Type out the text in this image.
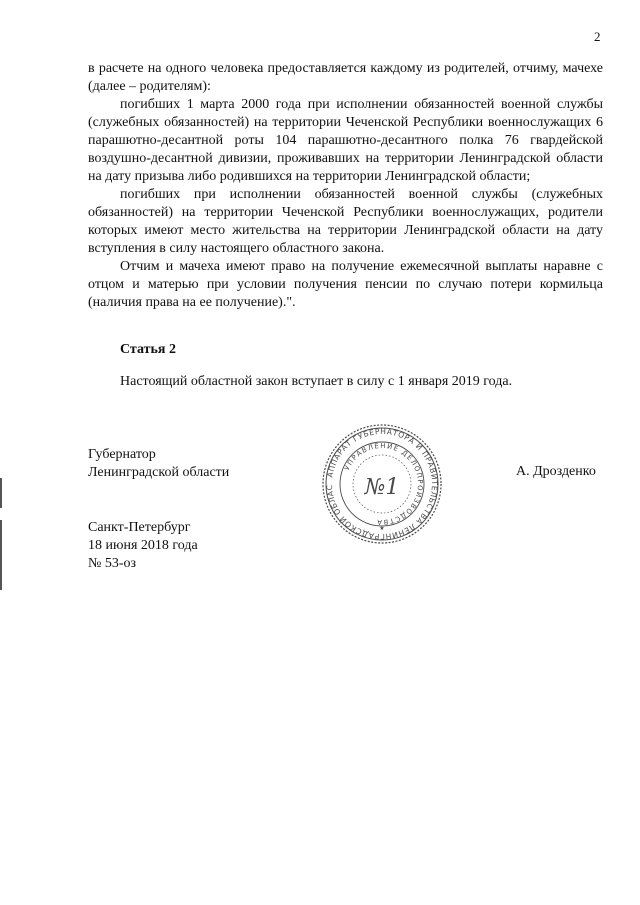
2

в расчете на одного человека предоставляется каждому из родителей, отчиму, мачехе (далее – родителям):

погибших 1 марта 2000 года при исполнении обязанностей военной службы (служебных обязанностей) на территории Чеченской Республики военнослужащих 6 парашютно-десантной роты 104 парашютно-десантного полка 76 гвардейской воздушно-десантной дивизии, проживавших на территории Ленинградской области на дату призыва либо родившихся на территории Ленинградской области;

погибших при исполнении обязанностей военной службы (служебных обязанностей) на территории Чеченской Республики военнослужащих, родители которых имеют место жительства на территории Ленинградской области на дату вступления в силу настоящего областного закона.

Отчим и мачеха имеют право на получение ежемесячной выплаты наравне с отцом и матерью при условии получения пенсии по случаю потери кормильца (наличия права на ее получение).".

Статья 2
Настоящий областной закон вступает в силу с 1 января 2019 года.
Губернатор
Ленинградской области	АППАРАТ ГУБЕРНАТОРА И ПРАВИТЕЛЬСТВА ЛЕНИНГРАДСКОЙ ОБЛАС
УПРАВЛЕНИЕ ДЕЛОПРОИЗВОДСТВА
№1
★
А. Дрозденко
Санкт-Петербург
18 июня 2018 года
№ 53-оз
